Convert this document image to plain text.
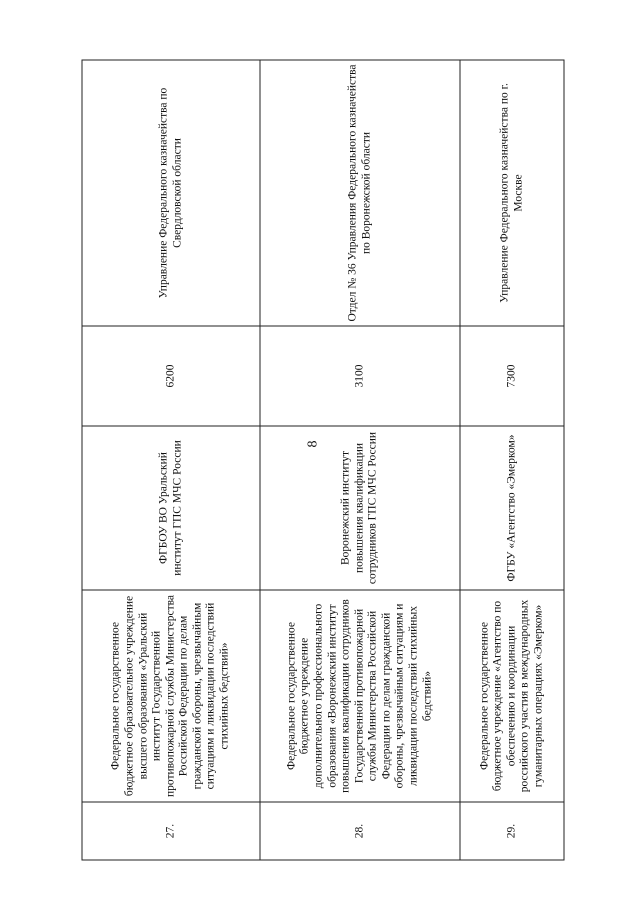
8
27.	Федеральное государственное бюджетное образовательное учреждение высшего образования «Уральский институт Государственной противопожарной службы Министерства Российской Федерации по делам гражданской обороны, чрезвычайным ситуациям и ликвидации последствий стихийных бедствий»	ФГБОУ ВО Уральский институт ГПС МЧС России	6200	Управление Федерального казначейства по Свердловской области
28.	Федеральное государственное бюджетное учреждение дополнительного профессионального образования «Воронежский институт повышения квалификации сотрудников Государственной противопожарной службы Министерства Российской Федерации по делам гражданской обороны, чрезвычайным ситуациям и ликвидации последствий стихийных бедствий»	Воронежский институт повышения квалификации сотрудников ГПС МЧС России	3100	Отдел № 36 Управления Федерального казначейства по Воронежской области
29.	Федеральное государственное бюджетное учреждение «Агентство по обеспечению и координации российского участия в международных гуманитарных операциях «Эмерком»	ФГБУ «Агентство «Эмерком»	7300	Управление Федерального казначейства по г. Москве
